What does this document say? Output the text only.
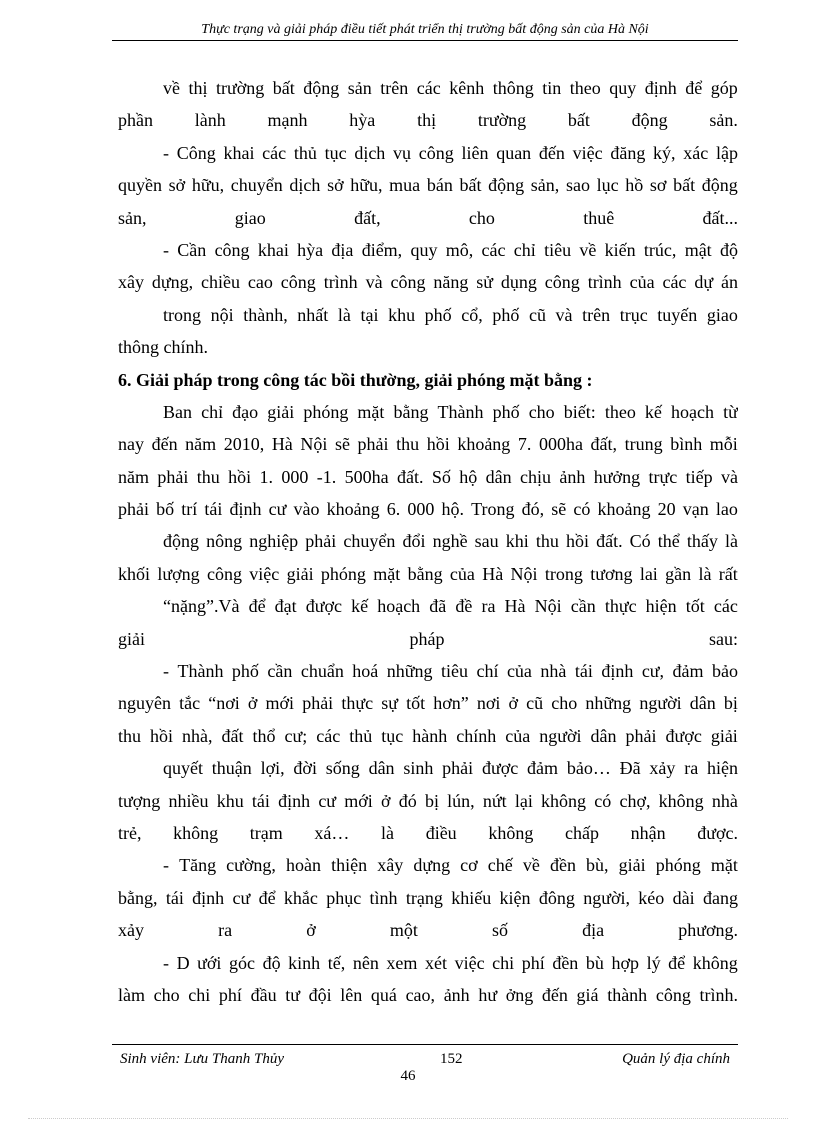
Thực trạng và giải pháp điều tiết phát triển thị trường bất động sản của Hà Nội
về thị trường bất động sản trên các kênh thông tin theo quy định để góp
phần lành mạnh hỳa thị trường bất động sản.
- Công khai các thủ tục dịch vụ công liên quan đến việc đăng ký, xác lập
quyền sở hữu, chuyển dịch sở hữu, mua bán bất động sản, sao lục hồ sơ bất động
sản,	giao	đất,	cho	thuê	đất...
- Cần công khai hỳa địa điểm, quy mô, các chỉ tiêu về kiến trúc, mật độ
xây dựng, chiều cao công trình và công năng sử dụng công trình của các dự án
trong nội thành, nhất là tại khu phố cổ, phố cũ và trên trục tuyến giao
thông chính.
6. Giải pháp trong công tác bồi thường, giải phóng mặt bằng :
Ban chỉ đạo giải phóng mặt bằng Thành phố cho biết: theo kế hoạch từ
nay đến năm 2010, Hà Nội sẽ phải thu hồi khoảng 7. 000ha đất, trung bình mỗi
năm phải thu hồi 1. 000 -1. 500ha đất. Số hộ dân chịu ảnh hưởng trực tiếp và
phải bố trí tái định cư vào khoảng 6. 000 hộ. Trong đó, sẽ có khoảng 20 vạn lao
động nông nghiệp phải chuyển đổi nghề sau khi thu hồi đất. Có thể thấy là
khối lượng công việc giải phóng mặt bằng của Hà Nội trong tương lai gần là rất
“nặng”.Và để đạt được kế hoạch đã đề ra Hà Nội cần thực hiện tốt các
giải	pháp	sau:
- Thành phố cần chuẩn hoá những tiêu chí của nhà tái định cư, đảm bảo
nguyên tắc “nơi ở mới phải thực sự tốt hơn” nơi ở cũ cho những người dân bị
thu hồi nhà, đất thổ cư; các thủ tục hành chính của người dân phải được giải
quyết thuận lợi, đời sống dân sinh phải được đảm bảo… Đã xảy ra hiện
tượng nhiều khu tái định cư mới ở đó bị lún, nứt lại không có chợ, không nhà
trẻ, không trạm xá… là điều không chấp nhận được.
- Tăng cường, hoàn thiện xây dựng cơ chế về đền bù, giải phóng mặt
bằng, tái định cư để khắc phục tình trạng khiếu kiện đông người, kéo dài đang
xảy	ra	ở	một	số	địa	phương.
- D ưới góc độ kinh tế, nên xem xét việc chi phí đền bù hợp lý để không
làm cho chi phí đầu tư đội lên quá cao, ảnh hư ởng đến giá thành công trình.
Sinh viên: Lưu Thanh Thủy	152	Quản lý địa chính
46
